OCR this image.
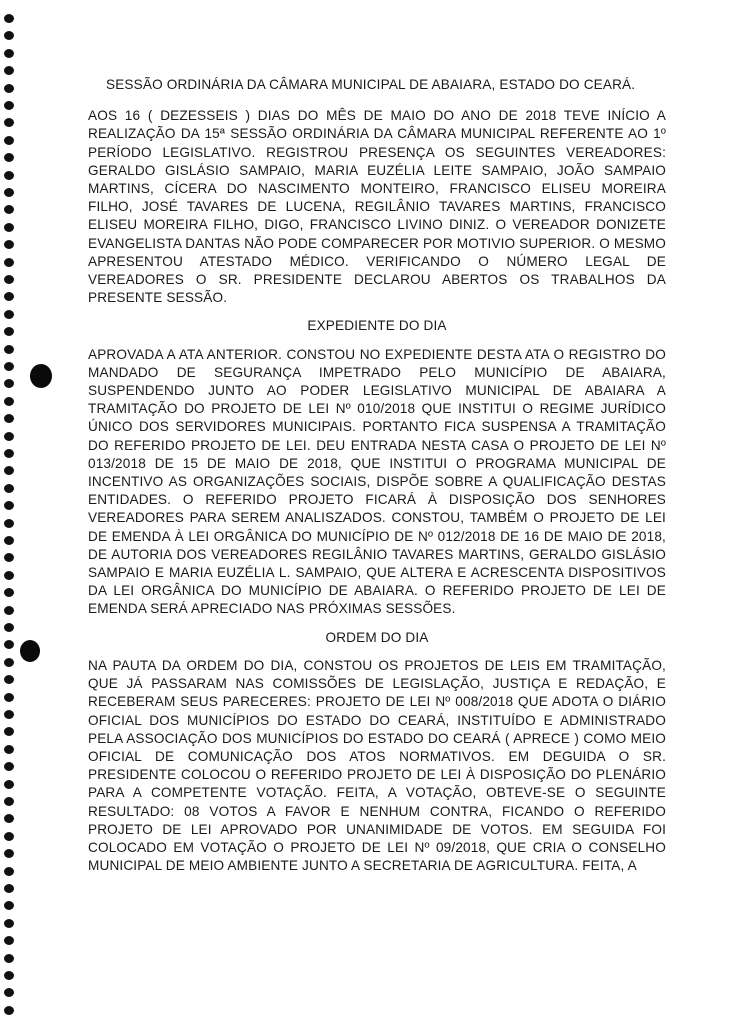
SESSÃO ORDINÁRIA DA CÂMARA MUNICIPAL DE ABAIARA, ESTADO DO CEARÁ.

AOS 16 ( DEZESSEIS ) DIAS DO MÊS DE MAIO DO ANO DE 2018 TEVE INÍCIO A REALIZAÇÃO DA 15ª SESSÃO ORDINÁRIA DA CÂMARA MUNICIPAL REFERENTE AO 1º PERÍODO LEGISLATIVO. REGISTROU PRESENÇA OS SEGUINTES VEREADORES: GERALDO GISLÁSIO SAMPAIO, MARIA EUZÉLIA LEITE SAMPAIO, JOÃO SAMPAIO MARTINS, CÍCERA DO NASCIMENTO MONTEIRO, FRANCISCO ELISEU MOREIRA FILHO, JOSÉ TAVARES DE LUCENA, REGILÂNIO TAVARES MARTINS, FRANCISCO ELISEU MOREIRA FILHO, DIGO, FRANCISCO LIVINO DINIZ. O VEREADOR DONIZETE EVANGELISTA DANTAS NÃO PODE COMPARECER POR MOTIVIO SUPERIOR. O MESMO APRESENTOU ATESTADO MÉDICO. VERIFICANDO O NÚMERO LEGAL DE VEREADORES O SR. PRESIDENTE DECLAROU ABERTOS OS TRABALHOS DA PRESENTE SESSÃO.

EXPEDIENTE DO DIA

APROVADA A ATA ANTERIOR. CONSTOU NO EXPEDIENTE DESTA ATA O REGISTRO DO MANDADO DE SEGURANÇA IMPETRADO PELO MUNICÍPIO DE ABAIARA, SUSPENDENDO JUNTO AO PODER LEGISLATIVO MUNICIPAL DE ABAIARA A TRAMITAÇÃO DO PROJETO DE LEI Nº 010/2018 QUE INSTITUI O REGIME JURÍDICO ÚNICO DOS SERVIDORES MUNICIPAIS. PORTANTO FICA SUSPENSA A TRAMITAÇÃO DO REFERIDO PROJETO DE LEI. DEU ENTRADA NESTA CASA O PROJETO DE LEI Nº 013/2018 DE 15 DE MAIO DE 2018, QUE INSTITUI O PROGRAMA MUNICIPAL DE INCENTIVO AS ORGANIZAÇÕES SOCIAIS, DISPÕE SOBRE A QUALIFICAÇÃO DESTAS ENTIDADES. O REFERIDO PROJETO FICARÁ À DISPOSIÇÃO DOS SENHORES VEREADORES PARA SEREM ANALISZADOS. CONSTOU, TAMBÉM O PROJETO DE LEI DE EMENDA À LEI ORGÂNICA DO MUNICÍPIO DE Nº 012/2018 DE 16 DE MAIO DE 2018, DE AUTORIA DOS VEREADORES REGILÂNIO TAVARES MARTINS, GERALDO GISLÁSIO SAMPAIO E MARIA EUZÉLIA L. SAMPAIO, QUE ALTERA E ACRESCENTA DISPOSITIVOS DA LEI ORGÂNICA DO MUNICÍPIO DE ABAIARA. O REFERIDO PROJETO DE LEI DE EMENDA SERÁ APRECIADO NAS PRÓXIMAS SESSÕES.

ORDEM DO DIA

NA PAUTA DA ORDEM DO DIA, CONSTOU OS PROJETOS DE LEIS EM TRAMITAÇÃO, QUE JÁ PASSARAM NAS COMISSÕES DE LEGISLAÇÃO, JUSTIÇA E REDAÇÃO, E RECEBERAM SEUS PARECERES: PROJETO DE LEI Nº 008/2018 QUE ADOTA O DIÁRIO OFICIAL DOS MUNICÍPIOS DO ESTADO DO CEARÁ, INSTITUÍDO E ADMINISTRADO PELA ASSOCIAÇÃO DOS MUNICÍPIOS DO ESTADO DO CEARÁ ( APRECE ) COMO MEIO OFICIAL DE COMUNICAÇÃO DOS ATOS NORMATIVOS. EM DEGUIDA O SR. PRESIDENTE COLOCOU O REFERIDO PROJETO DE LEI À DISPOSIÇÃO DO PLENÁRIO PARA A COMPETENTE VOTAÇÃO. FEITA, A VOTAÇÃO, OBTEVE-SE O SEGUINTE RESULTADO: 08 VOTOS A FAVOR E NENHUM CONTRA, FICANDO O REFERIDO PROJETO DE LEI APROVADO POR UNANIMIDADE DE VOTOS. EM SEGUIDA FOI COLOCADO EM VOTAÇÃO O PROJETO DE LEI Nº 09/2018, QUE CRIA O CONSELHO MUNICIPAL DE MEIO AMBIENTE JUNTO A SECRETARIA DE AGRICULTURA. FEITA, A
